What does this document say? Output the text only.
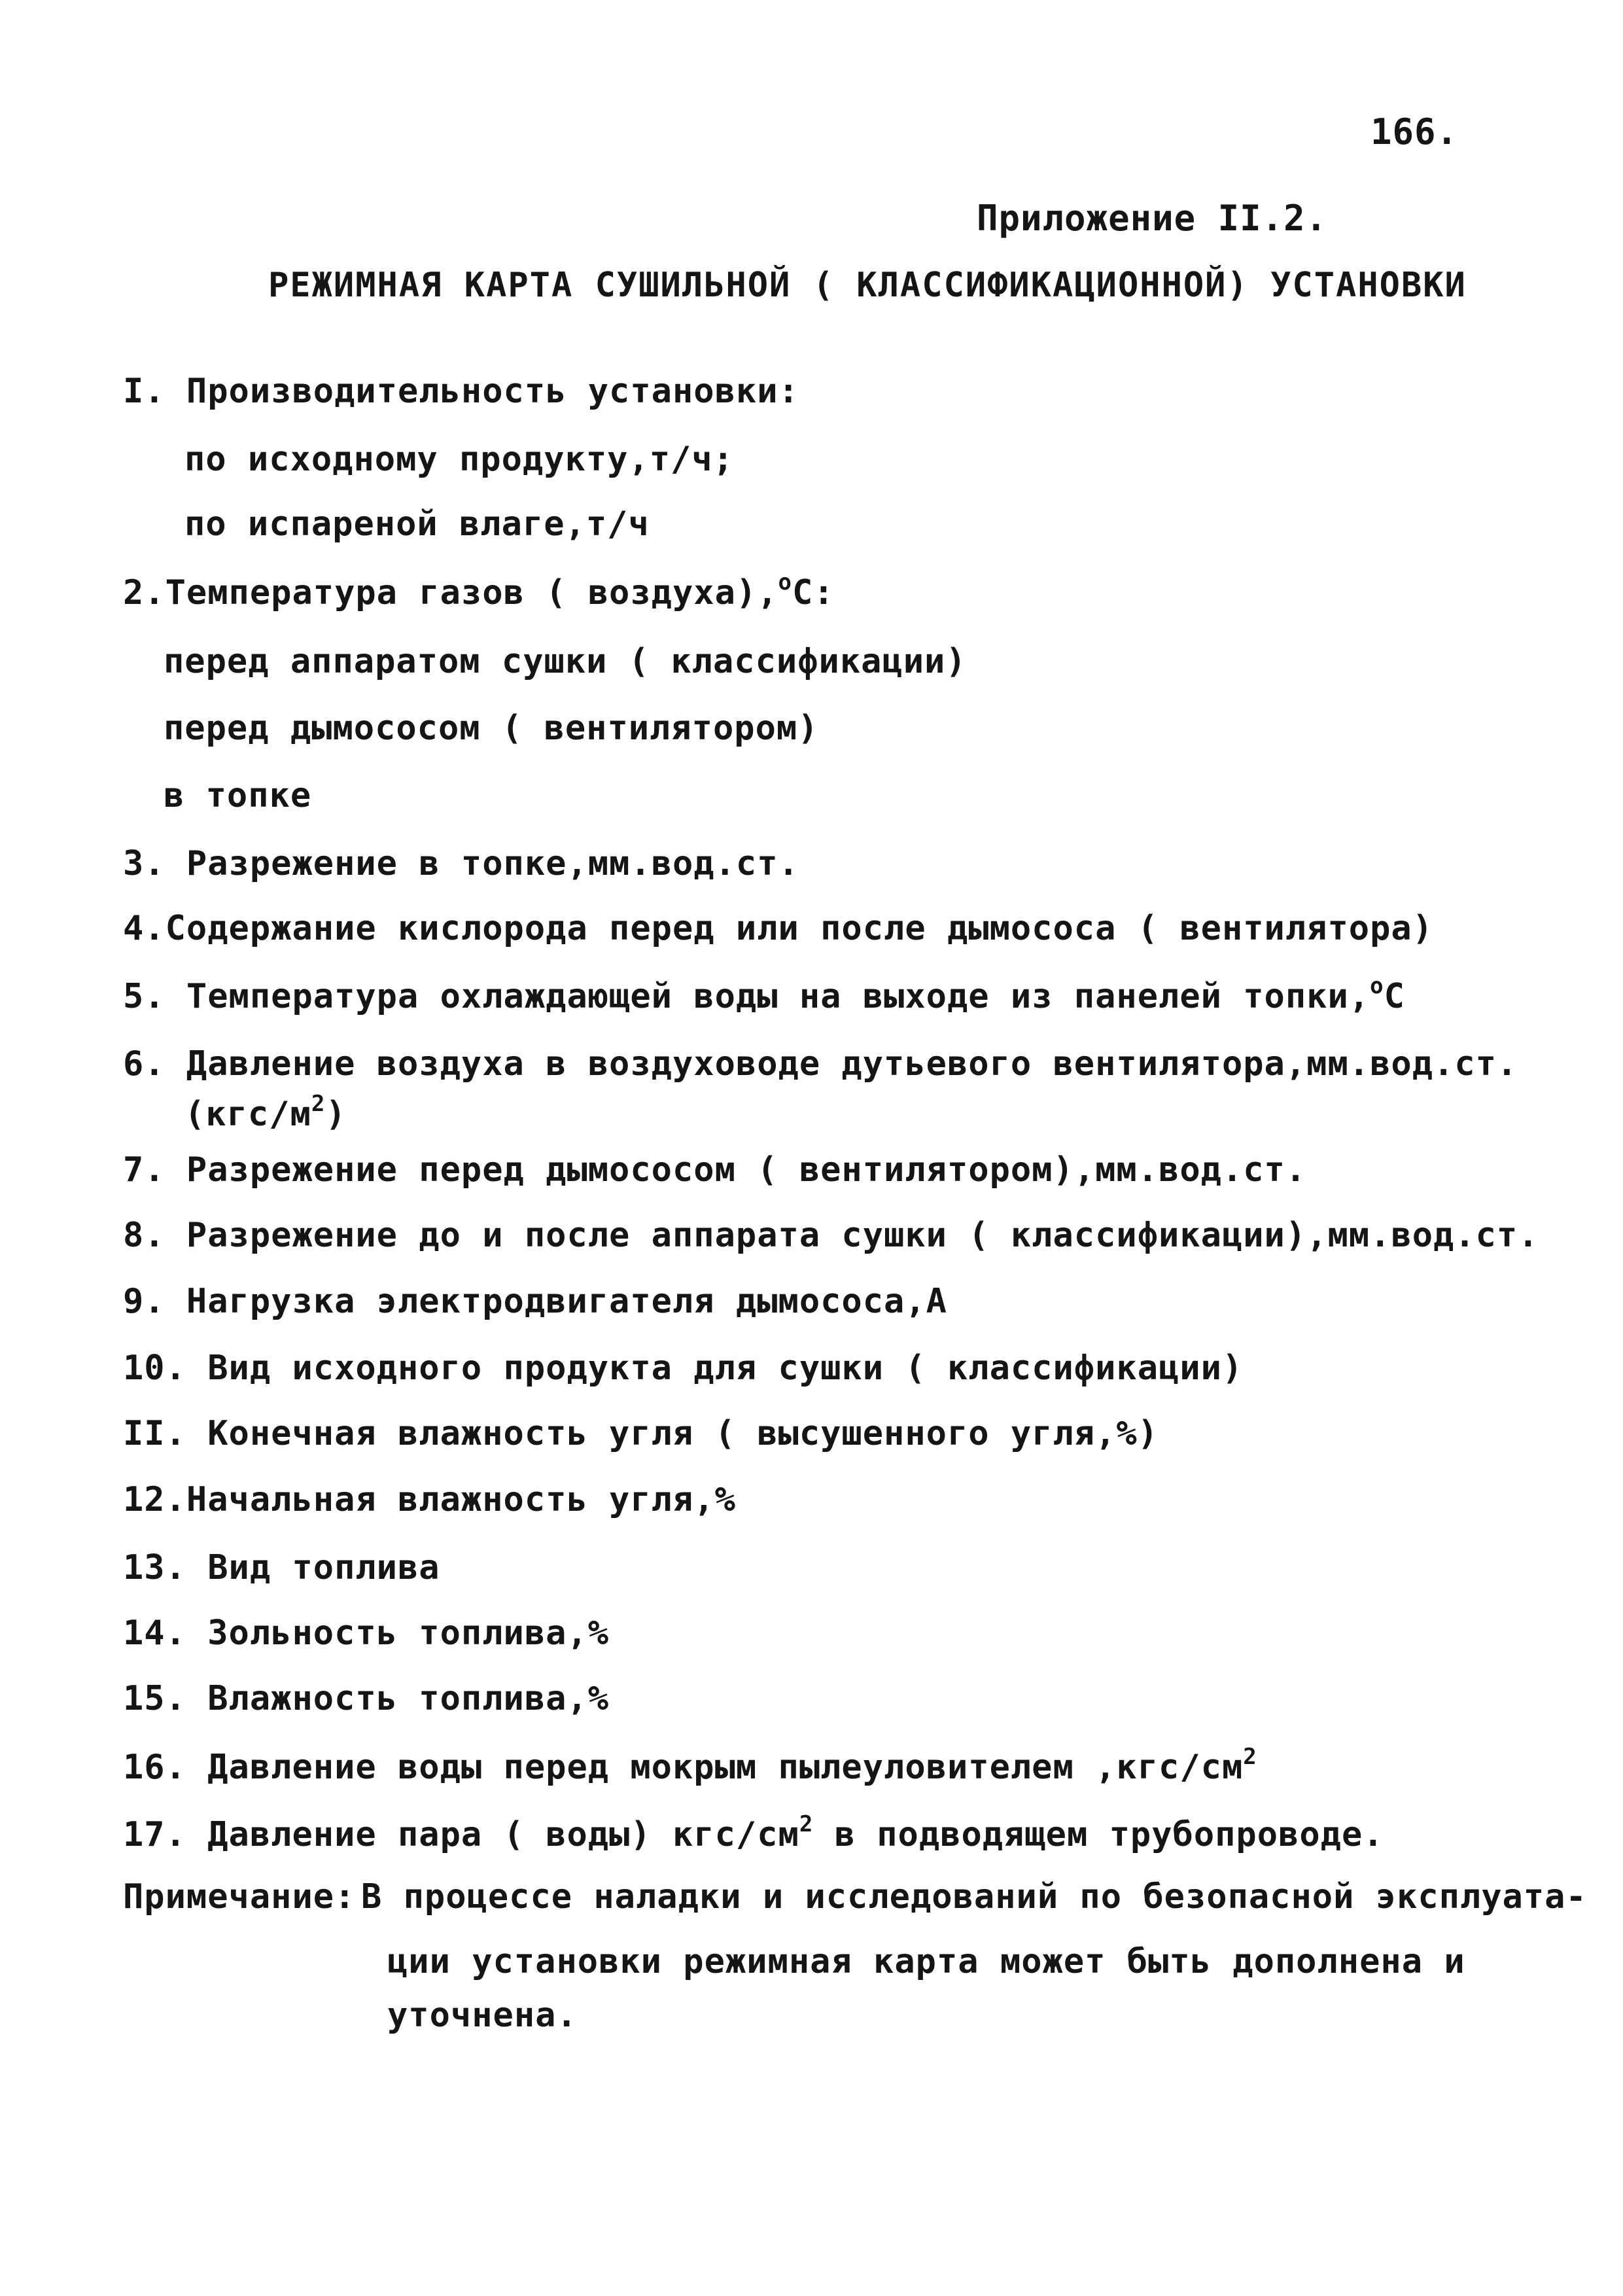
166.
Приложение II.2.
РЕЖИМНАЯ КАРТА СУШИЛЬНОЙ ( КЛАССИФИКАЦИОННОЙ) УСТАНОВКИ
I. Производительность установки:
по исходному продукту,т/ч;
по испареной влаге,т/ч
2.Температура газов ( воздуха),$^o$С:
перед аппаратом сушки ( классификации)
перед дымососом ( вентилятором)
в топке
3. Разрежение в топке,мм.вод.ст.
4.Содержание кислорода перед или после дымососа ( вентилятора)
5. Температура охлаждающей воды на выходе из панелей топки,$^o$С
6. Давление воздуха в воздуховоде дутьевого вентилятора,мм.вод.ст.
$(кгс/м^2)$
7. Разрежение перед дымососом ( вентилятором),мм.вод.ст.
8. Разрежение до и после аппарата сушки ( классификации),мм.вод.ст.
9. Нагрузка электродвигателя дымососа,А
10. Вид исходного продукта для сушки ( классификации)
II. Конечная влажность угля ( высушенного угля,%)
12.Начальная влажность угля,%
13. Вид топлива
14. Зольность топлива,%
15. Влажность топлива,%
16. Давление воды перед мокрым пылеуловителем $,кгс/см^2$
17. Давление пара ( воды) кгс/$см^2$ в подводящем трубопроводе.
Примечание: В процессе наладки и исследований по безопасной эксплуата-
ции установки режимная карта может быть дополнена и
уточнена.
